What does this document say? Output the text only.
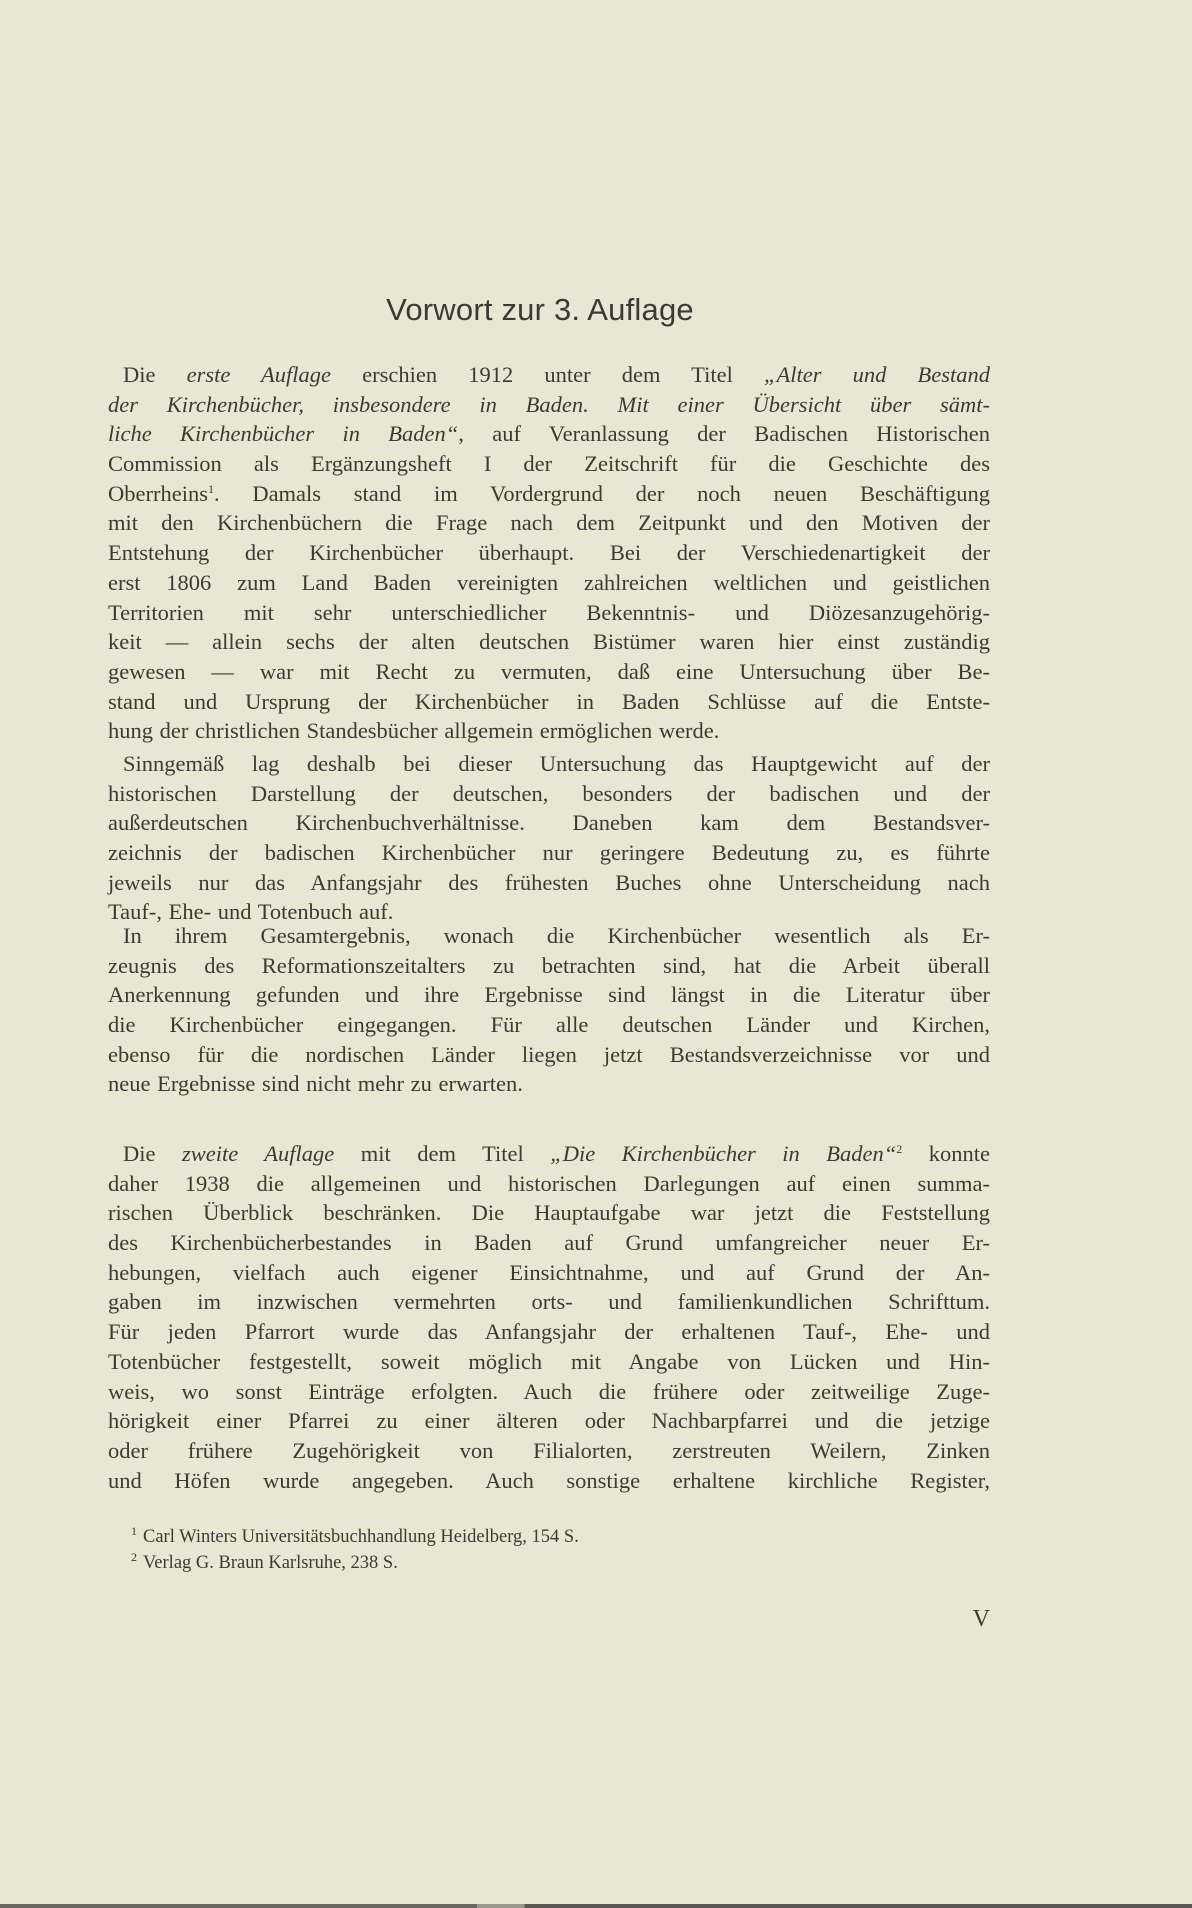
Vorwort zur 3. Auflage
Die erste Auflage erschien 1912 unter dem Titel „Alter und Bestand
der Kirchenbücher, insbesondere in Baden. Mit einer Übersicht über sämt-
liche Kirchenbücher in Baden“, auf Veranlassung der Badischen Historischen
Commission als Ergänzungsheft I der Zeitschrift für die Geschichte des
Oberrheins$^1$. Damals stand im Vordergrund der noch neuen Beschäftigung
mit den Kirchenbüchern die Frage nach dem Zeitpunkt und den Motiven der
Entstehung der Kirchenbücher überhaupt. Bei der Verschiedenartigkeit der
erst 1806 zum Land Baden vereinigten zahlreichen weltlichen und geistlichen
Territorien mit sehr unterschiedlicher Bekenntnis- und Diözesanzugehörig-
keit — allein sechs der alten deutschen Bistümer waren hier einst zuständig
gewesen — war mit Recht zu vermuten, daß eine Untersuchung über Be-
stand und Ursprung der Kirchenbücher in Baden Schlüsse auf die Entste-
hung der christlichen Standesbücher allgemein ermöglichen werde.
Sinngemäß lag deshalb bei dieser Untersuchung das Hauptgewicht auf der
historischen Darstellung der deutschen, besonders der badischen und der
außerdeutschen Kirchenbuchverhältnisse. Daneben kam dem Bestandsver-
zeichnis der badischen Kirchenbücher nur geringere Bedeutung zu, es führte
jeweils nur das Anfangsjahr des frühesten Buches ohne Unterscheidung nach
Tauf-, Ehe- und Totenbuch auf.
In ihrem Gesamtergebnis, wonach die Kirchenbücher wesentlich als Er-
zeugnis des Reformationszeitalters zu betrachten sind, hat die Arbeit überall
Anerkennung gefunden und ihre Ergebnisse sind längst in die Literatur über
die Kirchenbücher eingegangen. Für alle deutschen Länder und Kirchen,
ebenso für die nordischen Länder liegen jetzt Bestandsverzeichnisse vor und
neue Ergebnisse sind nicht mehr zu erwarten.
Die zweite Auflage mit dem Titel „Die Kirchenbücher in Baden“$^2$ konnte
daher 1938 die allgemeinen und historischen Darlegungen auf einen summa-
rischen Überblick beschränken. Die Hauptaufgabe war jetzt die Feststellung
des Kirchenbücherbestandes in Baden auf Grund umfangreicher neuer Er-
hebungen, vielfach auch eigener Einsichtnahme, und auf Grund der An-
gaben im inzwischen vermehrten orts- und familienkundlichen Schrifttum.
Für jeden Pfarrort wurde das Anfangsjahr der erhaltenen Tauf-, Ehe- und
Totenbücher festgestellt, soweit möglich mit Angabe von Lücken und Hin-
weis, wo sonst Einträge erfolgten. Auch die frühere oder zeitweilige Zuge-
hörigkeit einer Pfarrei zu einer älteren oder Nachbarpfarrei und die jetzige
oder frühere Zugehörigkeit von Filialorten, zerstreuten Weilern, Zinken
und Höfen wurde angegeben. Auch sonstige erhaltene kirchliche Register,
$^1$ Carl Winters Universitätsbuchhandlung Heidelberg, 154 S.
$^2$ Verlag G. Braun Karlsruhe, 238 S.
V
